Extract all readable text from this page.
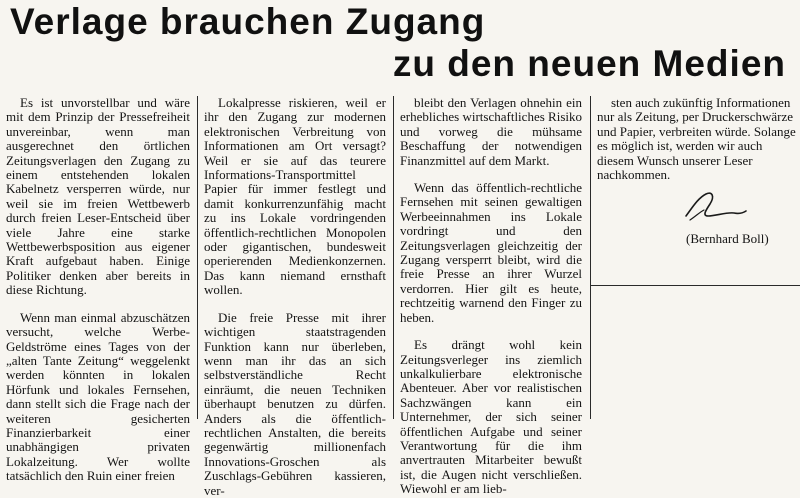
Verlage brauchen Zugang
zu den neuen Medien

Es ist unvorstellbar und wäre mit dem Prinzip der Pressefreiheit unvereinbar, wenn man ausgerechnet den örtlichen Zeitungsverlagen den Zugang zu einem entstehenden lokalen Kabelnetz versperren würde, nur weil sie im freien Wettbewerb durch freien Leser-Entscheid über viele Jahre eine starke Wettbewerbsposition aus eigener Kraft aufgebaut haben. Einige Politiker denken aber bereits in diese Richtung.

Wenn man einmal abzuschätzen versucht, welche Werbe-Geldströme eines Tages von der „alten Tante Zeitung“ weggelenkt werden könnten in lokalen Hörfunk und lokales Fernsehen, dann stellt sich die Frage nach der weiteren gesicherten Finanzierbarkeit einer unabhängigen privaten Lokalzeitung. Wer wollte tatsächlich den Ruin einer freien

Lokalpresse riskieren, weil er ihr den Zugang zur modernen elektronischen Verbreitung von Informationen am Ort versagt? Weil er sie auf das teurere Informations-Transportmittel Papier für immer festlegt und damit konkurrenzunfähig macht zu ins Lokale vordringenden öffentlich-rechtlichen Monopolen oder gigantischen, bundesweit operierenden Medienkonzernen. Das kann niemand ernsthaft wollen.

Die freie Presse mit ihrer wichtigen staatstragenden Funktion kann nur überleben, wenn man ihr das an sich selbstverständliche Recht einräumt, die neuen Techniken überhaupt benutzen zu dürfen. Anders als die öffentlich-rechtlichen Anstalten, die bereits gegenwärtig millionenfach Innovations-Groschen als Zuschlags-Gebühren kassieren, ver-

bleibt den Verlagen ohnehin ein erhebliches wirtschaftliches Risiko und vorweg die mühsame Beschaffung der notwendigen Finanzmittel auf dem Markt.

Wenn das öffentlich-rechtliche Fernsehen mit seinen gewaltigen Werbeeinnahmen ins Lokale vordringt und den Zeitungsverlagen gleichzeitig der Zugang versperrt bleibt, wird die freie Presse an ihrer Wurzel verdorren. Hier gilt es heute, rechtzeitig warnend den Finger zu heben.

Es drängt wohl kein Zeitungsverleger ins ziemlich unkalkulierbare elektronische Abenteuer. Aber vor realistischen Sachzwängen kann ein Unternehmer, der sich seiner öffentlichen Aufgabe und seiner Verantwortung für die ihm anvertrauten Mitarbeiter bewußt ist, die Augen nicht verschließen. Wiewohl er am lieb-

sten auch zukünftig Informationen nur als Zeitung, per Druckerschwärze und Papier, verbreiten würde. Solange es möglich ist, werden wir auch diesem Wunsch unserer Leser nachkommen.

(Bernhard Boll)
